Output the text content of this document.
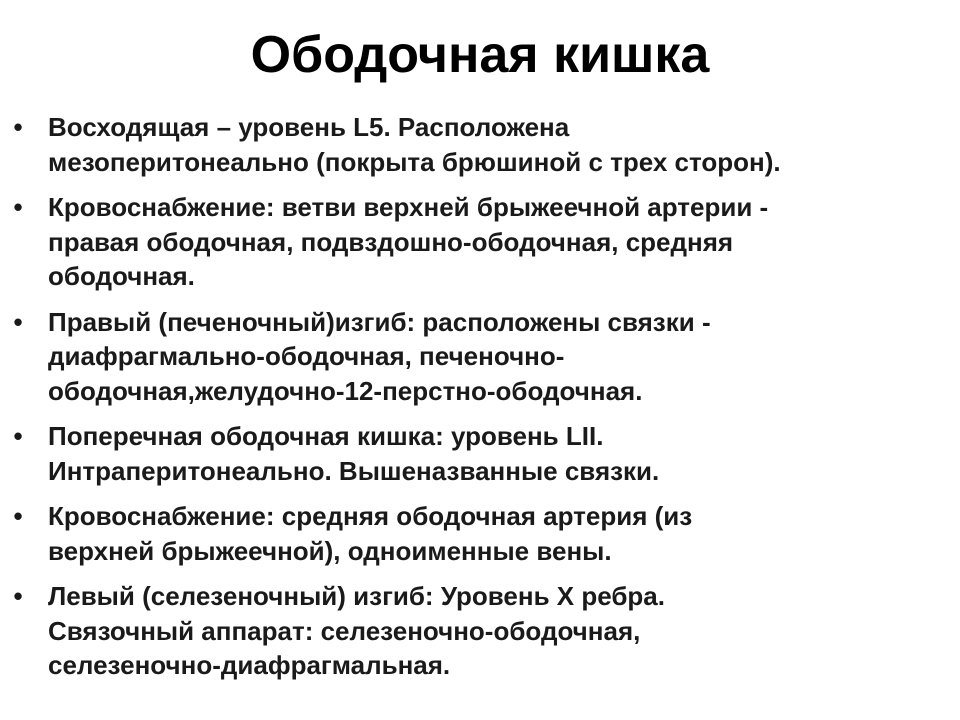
Ободочная кишка
• Восходящая – уровень L5. Расположена
мезоперитонеально (покрыта брюшиной с трех сторон).
• Кровоснабжение: ветви верхней брыжеечной артерии -
правая ободочная, подвздошно-ободочная, средняя
ободочная.
• Правый (печеночный)изгиб: расположены связки -
диафрагмально-ободочная, печеночно-
ободочная,желудочно-12-перстно-ободочная.
• Поперечная ободочная кишка: уровень LII.
Интраперитонеально. Вышеназванные связки.
• Кровоснабжение: средняя ободочная артерия (из
верхней брыжеечной), одноименные вены.
• Левый (селезеночный) изгиб: Уровень X ребра.
Связочный аппарат: селезеночно-ободочная,
селезеночно-диафрагмальная.
